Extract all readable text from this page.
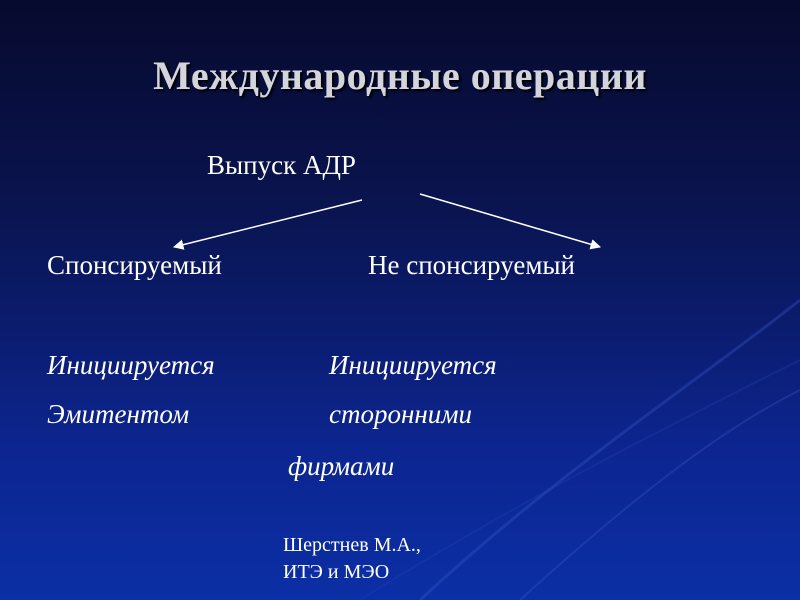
Международные операции
Выпуск АДР
Спонсируемый	Не спонсируемый
Инициируется
Эмитентом
Инициируется
сторонними
фирмами
Шерстнев М.А.,
ИТЭ и МЭО
